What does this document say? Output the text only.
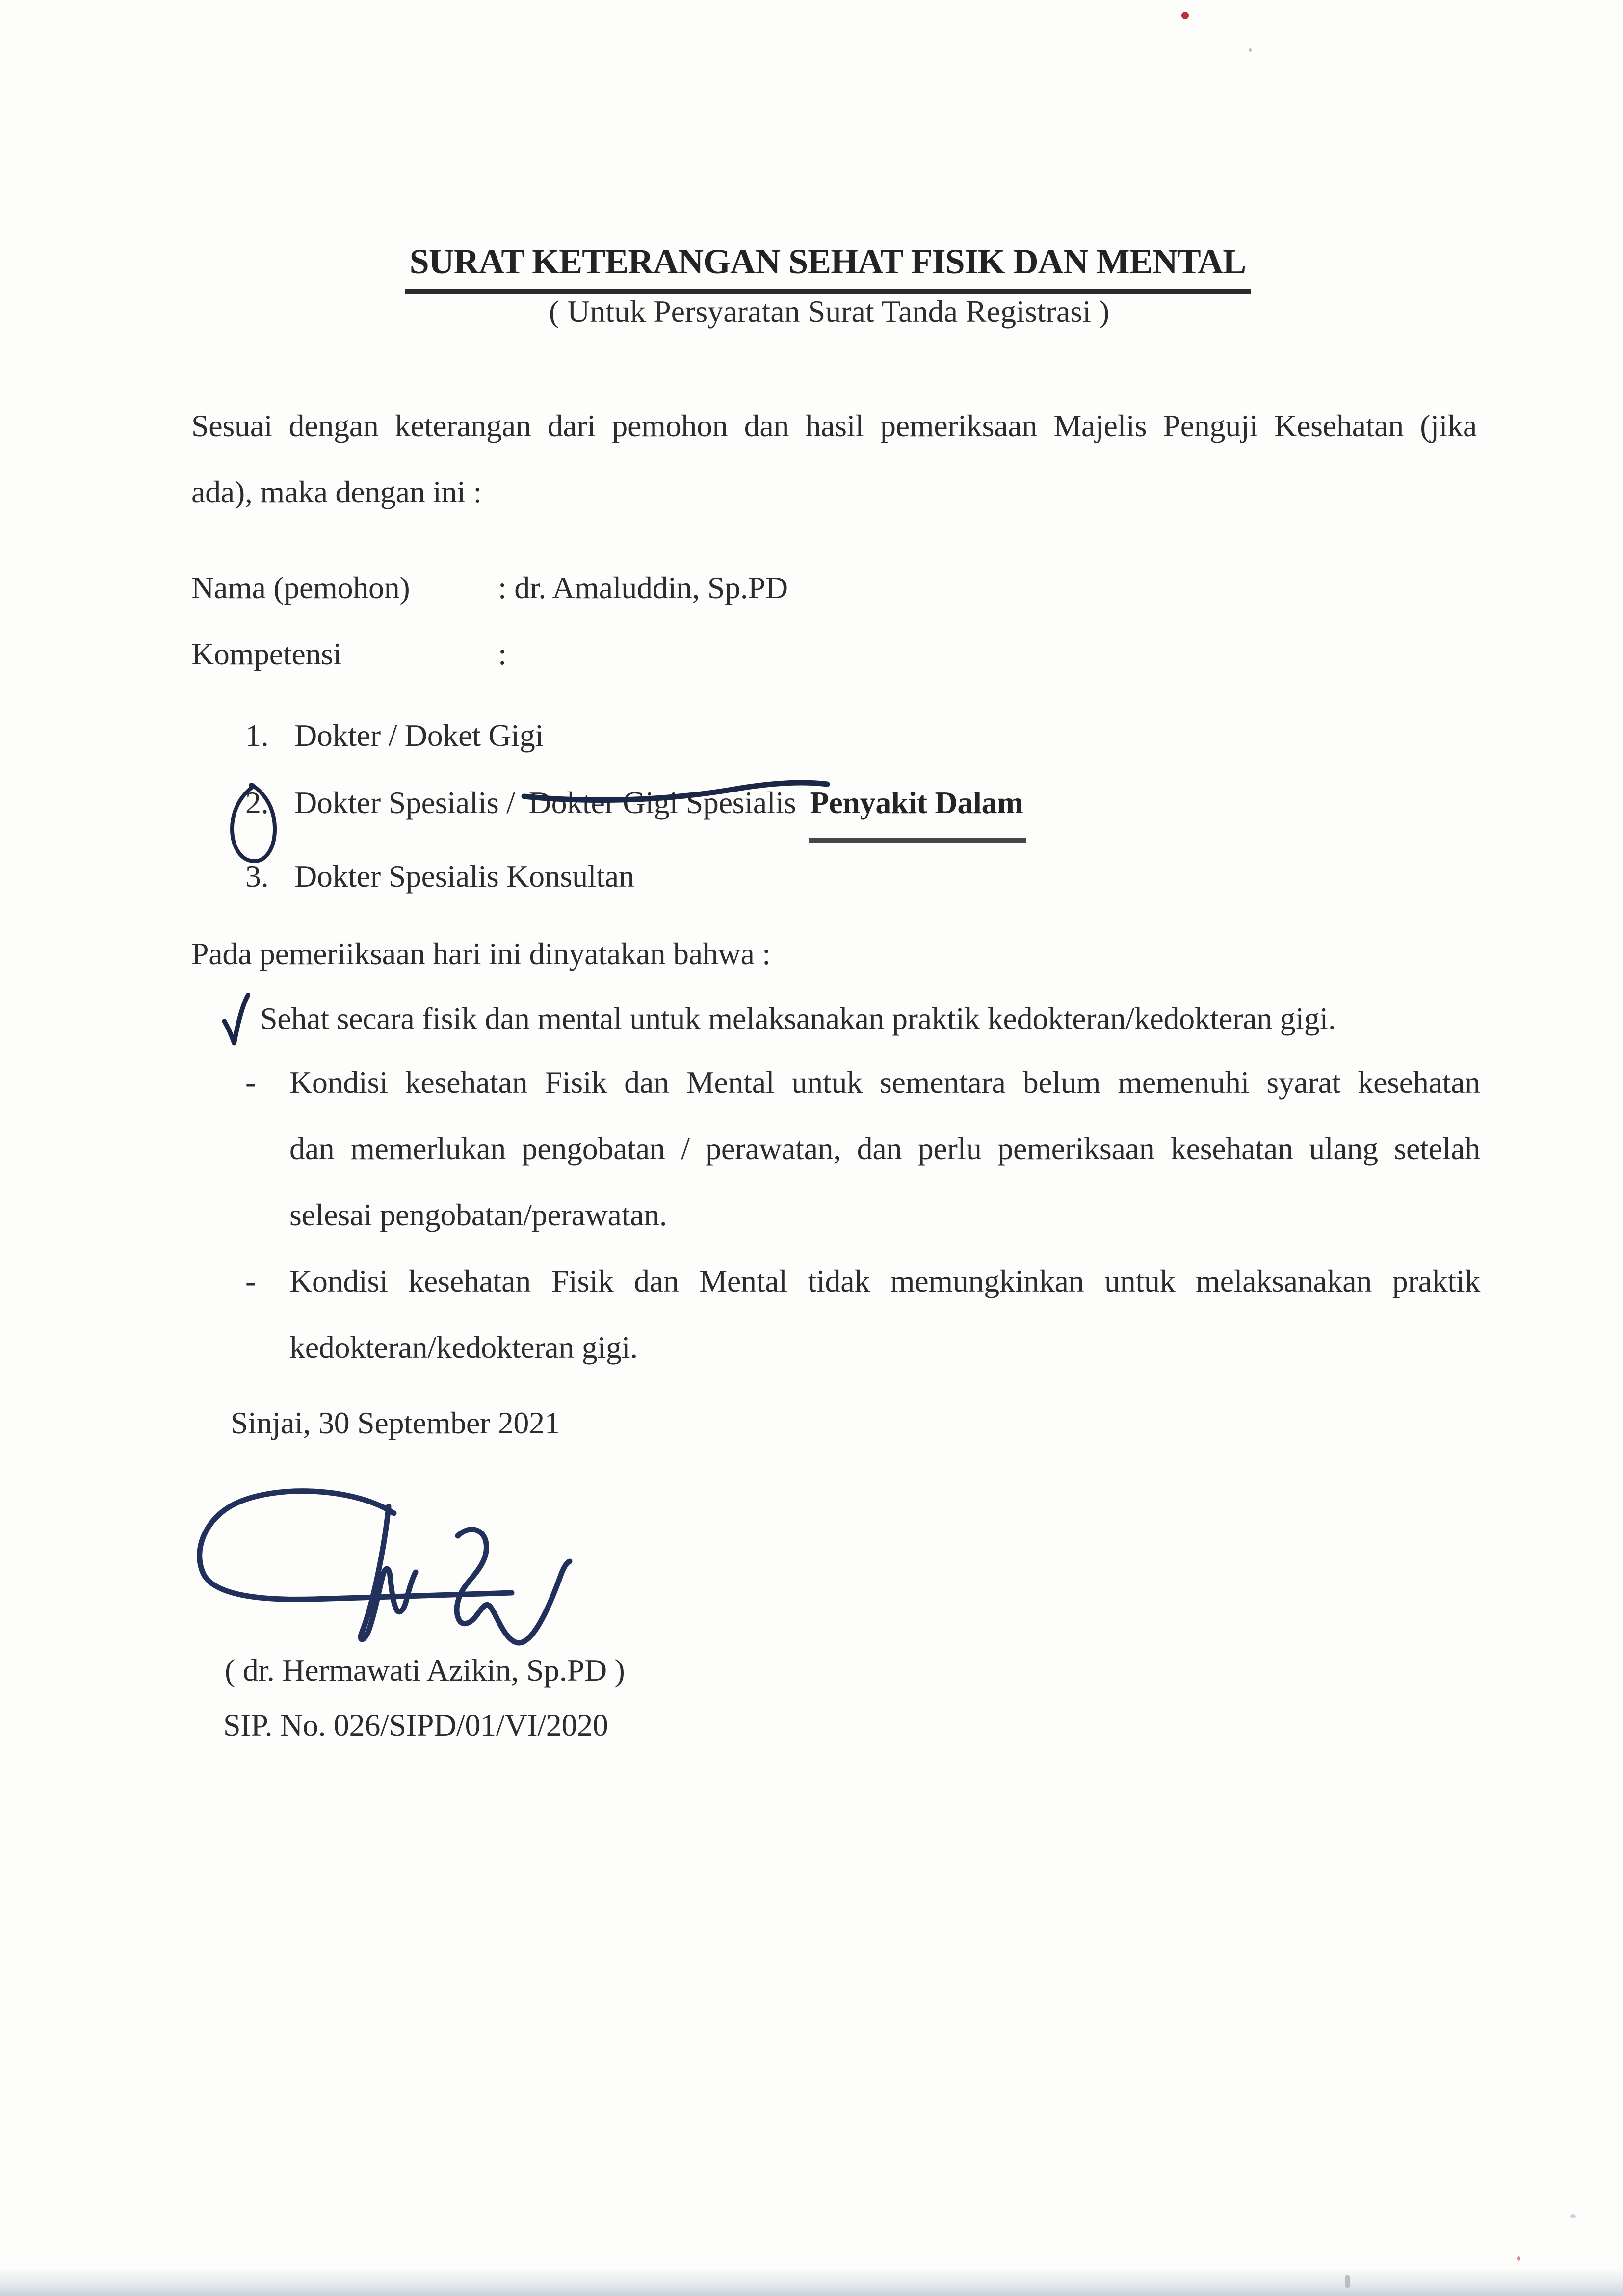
SURAT KETERANGAN SEHAT FISIK DAN MENTAL
( Untuk Persyaratan Surat Tanda Registrasi )
Sesuai dengan keterangan dari pemohon dan hasil pemeriksaan Majelis Penguji Kesehatan (jika
ada), maka dengan ini :
Nama (pemohon)	: dr. Amaluddin, Sp.PD
Kompetensi	:
1. Dokter / Doket Gigi
2. Dokter Spesialis / Dokter Gigi Spesialis Penyakit Dalam
3. Dokter Spesialis Konsultan
Pada pemeriiksaan hari ini dinyatakan bahwa :
Sehat secara fisik dan mental untuk melaksanakan praktik kedokteran/kedokteran gigi.
-	Kondisi kesehatan Fisik dan Mental untuk sementara belum memenuhi syarat kesehatan
dan memerlukan pengobatan / perawatan, dan perlu pemeriksaan kesehatan ulang setelah
selesai pengobatan/perawatan.
-	Kondisi kesehatan Fisik dan Mental tidak memungkinkan untuk melaksanakan praktik
kedokteran/kedokteran gigi.
Sinjai, 30 September 2021
( dr. Hermawati Azikin, Sp.PD )
SIP. No. 026/SIPD/01/VI/2020
